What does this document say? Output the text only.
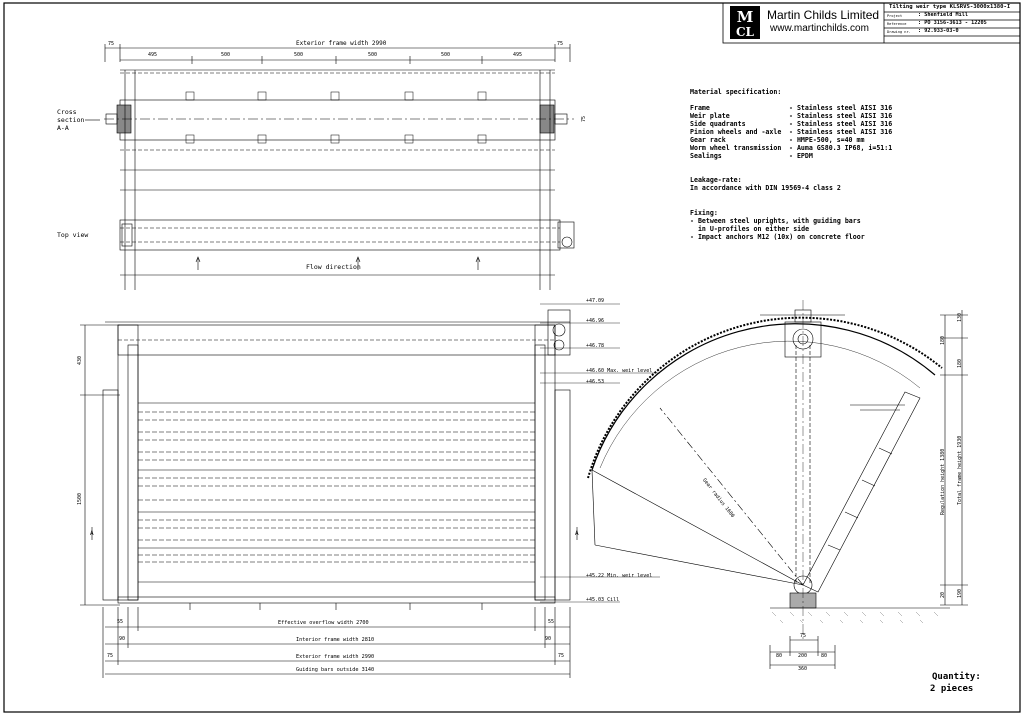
M
CL
Martin Childs Limited
www.martinchilds.com
Tilting weir type KLSRVS-3000x1380-I
Project	: Shenfield Mill
Reference : PO 3156-3613 - 12205
Drawing nr. : 92.933-03-0
Material specification:
Frame	- Stainless steel AISI 316
Weir plate	- Stainless steel AISI 316
Side quadrants	- Stainless steel AISI 316
Pinion wheels and -axle - Stainless steel AISI 316
Gear rack	- HMPE-500, s=40 mm
Worm wheel transmission - Auma GS80.3 IP68, i=51:1
Sealings	- EPDM
Leakage-rate:
In accordance with DIN 19569-4 class 2
Fixing:
- Between steel uprights, with guiding bars
in U-profiles on either side
- Impact anchors M12 (10x) on concrete floor
Exterior frame width 2990
75	75
495	500	500	500	500	495
Cross
section
A-A
Top view
Flow direction
75
430
1500
A	A
55	Effective overflow width 2700	55
90	Interior frame width 2810	90
75	Exterior frame width 2990	75
Guiding bars outside 3140
+47.09
+46.96
+46.78
+46.60 Max. weir level
+46.53
+45.22 Min. weir level
+45.03 Cill
Gear radius 1600	Regulation height 1380 Total frame height 1930
130
180
180
20 190
75
80	200	80
360
Quantity:
2 pieces
